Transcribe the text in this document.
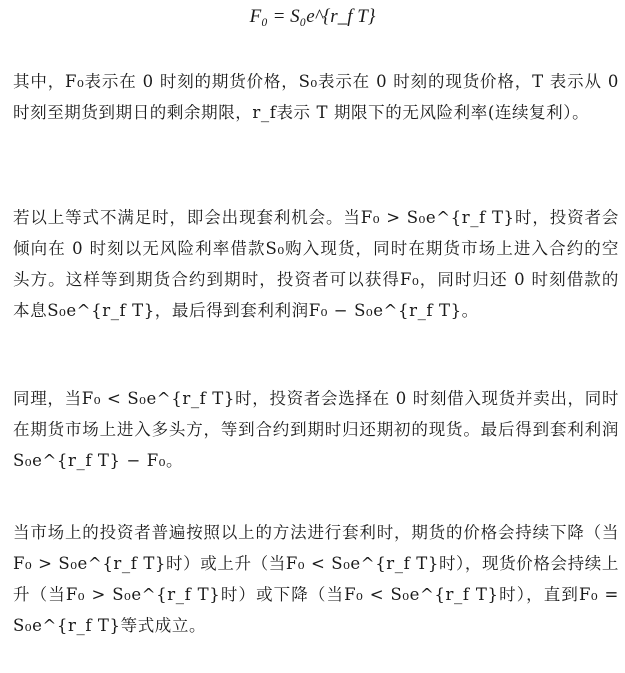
F₀ = S₀e^{r_f T}

其中，F₀表示在 0 时刻的期货价格，S₀表示在 0 时刻的现货价格，T 表示从 0 时刻至期货到期日的剩余期限，r_f表示 T 期限下的无风险利率(连续复利）。

若以上等式不满足时，即会出现套利机会。当F₀ > S₀e^{r_f T}时，投资者会倾向在 0 时刻以无风险利率借款S₀购入现货，同时在期货市场上进入合约的空头方。这样等到期货合约到期时，投资者可以获得F₀，同时归还 0 时刻借款的本息S₀e^{r_f T}，最后得到套利利润F₀ − S₀e^{r_f T}。

同理，当F₀ < S₀e^{r_f T}时，投资者会选择在 0 时刻借入现货并卖出，同时在期货市场上进入多头方，等到合约到期时归还期初的现货。最后得到套利利润S₀e^{r_f T} − F₀。

当市场上的投资者普遍按照以上的方法进行套利时，期货的价格会持续下降（当F₀ > S₀e^{r_f T}时）或上升（当F₀ < S₀e^{r_f T}时），现货价格会持续上升（当F₀ > S₀e^{r_f T}时）或下降（当F₀ < S₀e^{r_f T}时），直到F₀ = S₀e^{r_f T}等式成立。
